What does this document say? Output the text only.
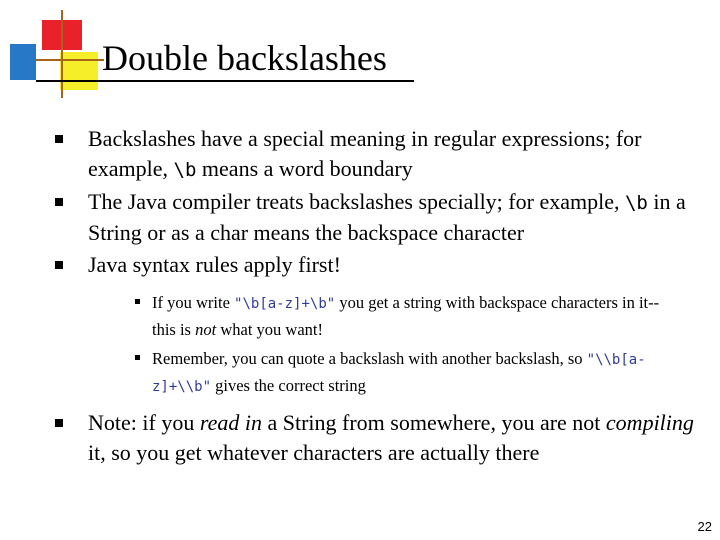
Double backslashes
Backslashes have a special meaning in regular expressions; for example, \b means a word boundary
The Java compiler treats backslashes specially; for example, \b in a String or as a char means the backspace character
Java syntax rules apply first!
If you write "\b[a-z]+\b" you get a string with backspace characters in it--this is not what you want!
Remember, you can quote a backslash with another backslash, so "\\b[a-z]+\\b" gives the correct string
Note: if you read in a String from somewhere, you are not compiling it, so you get whatever characters are actually there
22
